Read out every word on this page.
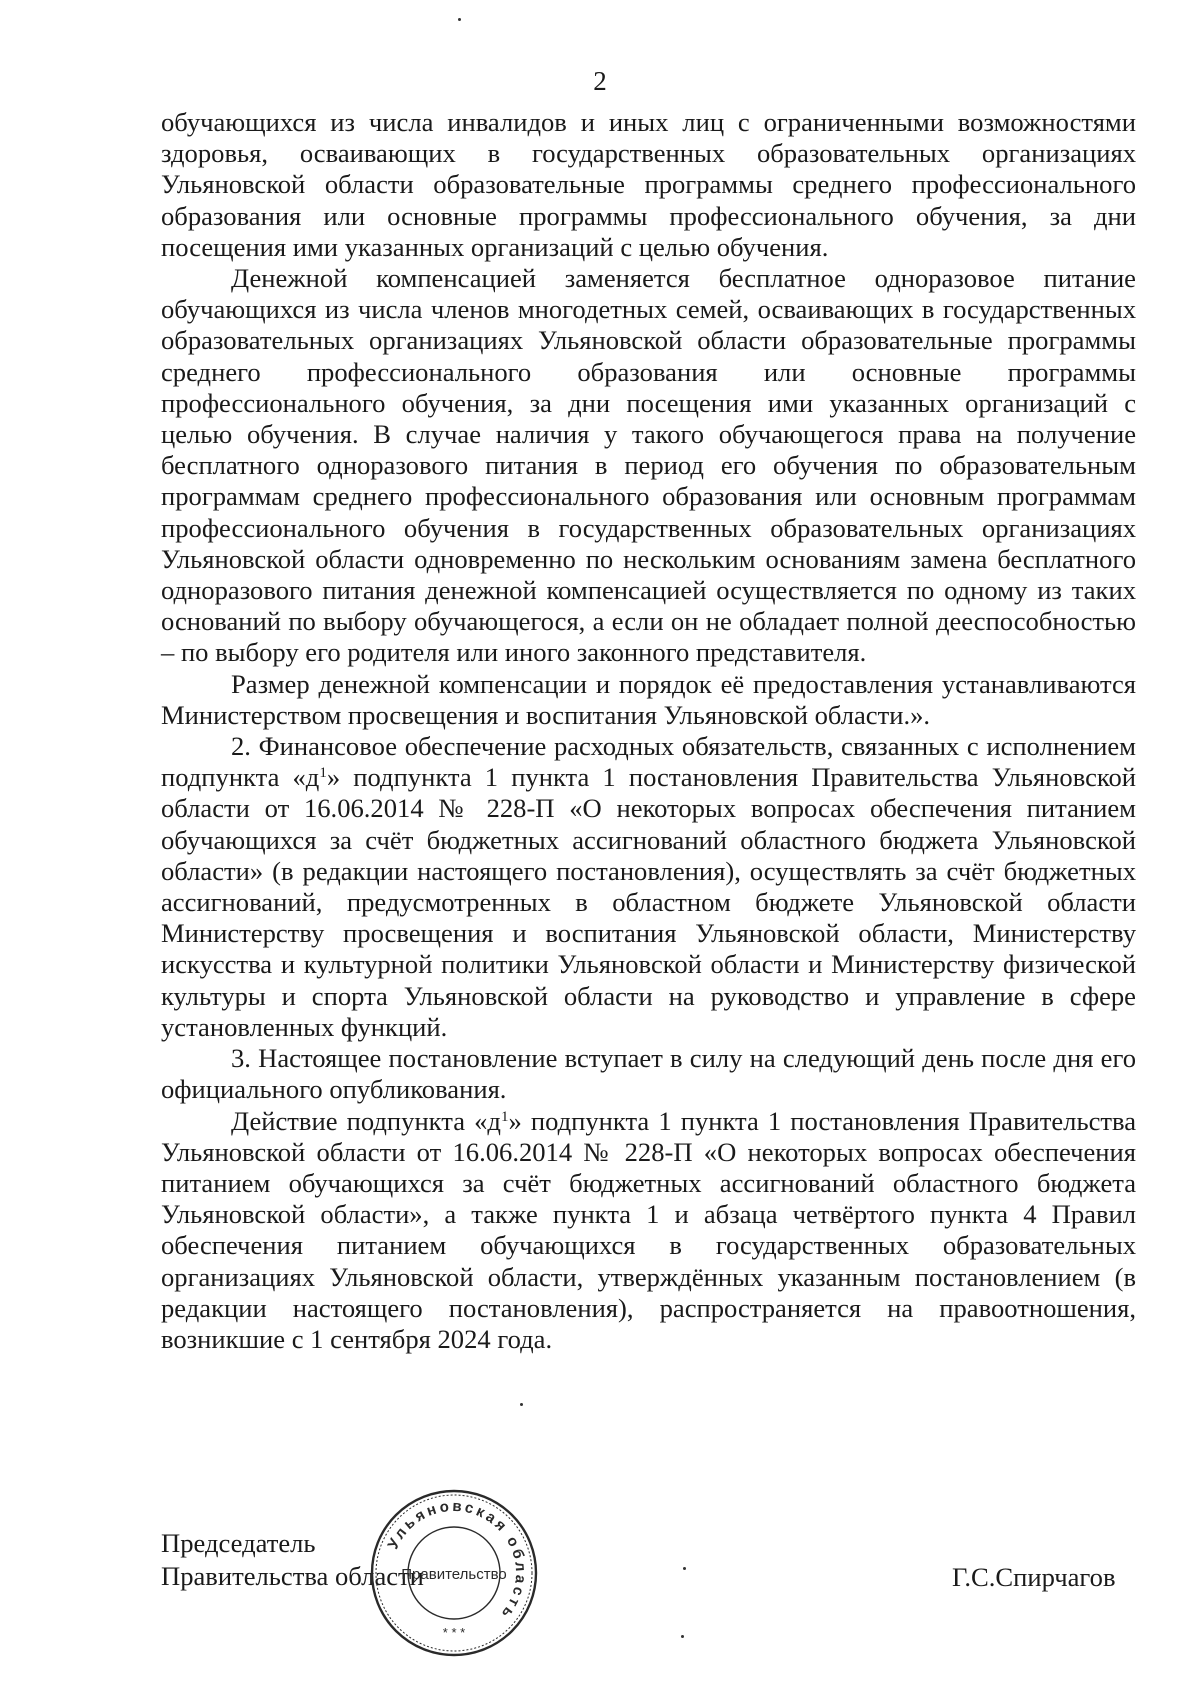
2

обучающихся из числа инвалидов и иных лиц с ограниченными возможностями здоровья, осваивающих в государственных образовательных организациях Ульяновской области образовательные программы среднего профессионального образования или основные программы профессионального обучения, за дни посещения ими указанных организаций с целью обучения.

Денежной компенсацией заменяется бесплатное одноразовое питание обучающихся из числа членов многодетных семей, осваивающих в государственных образовательных организациях Ульяновской области образовательные программы среднего профессионального образования или основные программы профессионального обучения, за дни посещения ими указанных организаций с целью обучения. В случае наличия у такого обучающегося права на получение бесплатного одноразового питания в период его обучения по образовательным программам среднего профессионального образования или основным программам профессионального обучения в государственных образовательных организациях Ульяновской области одновременно по нескольким основаниям замена бесплатного одноразового питания денежной компенсацией осуществляется по одному из таких оснований по выбору обучающегося, а если он не обладает полной дееспособностью – по выбору его родителя или иного законного представителя.

Размер денежной компенсации и порядок её предоставления устанавливаются Министерством просвещения и воспитания Ульяновской области.».

2. Финансовое обеспечение расходных обязательств, связанных с исполнением подпункта «$д^1$» подпункта 1 пункта 1 постановления Правительства Ульяновской области от 16.06.2014 № 228-П «О некоторых вопросах обеспечения питанием обучающихся за счёт бюджетных ассигнований областного бюджета Ульяновской области» (в редакции настоящего постановления), осуществлять за счёт бюджетных ассигнований, предусмотренных в областном бюджете Ульяновской области Министерству просвещения и воспитания Ульяновской области, Министерству искусства и культурной политики Ульяновской области и Министерству физической культуры и спорта Ульяновской области на руководство и управление в сфере установленных функций.

3. Настоящее постановление вступает в силу на следующий день после дня его официального опубликования.

Действие подпункта «$д^1$» подпункта 1 пункта 1 постановления Правительства Ульяновской области от 16.06.2014 № 228-П «О некоторых вопросах обеспечения питанием обучающихся за счёт бюджетных ассигнований областного бюджета Ульяновской области», а также пункта 1 и абзаца четвёртого пункта 4 Правил обеспечения питанием обучающихся в государственных образовательных организациях Ульяновской области, утверждённых указанным постановлением (в редакции настоящего постановления), распространяется на правоотношения, возникшие с 1 сентября 2024 года.

Председатель
Правительства области	Г.С.Спирчагов
Ульяновская область
Правительство
* * *
